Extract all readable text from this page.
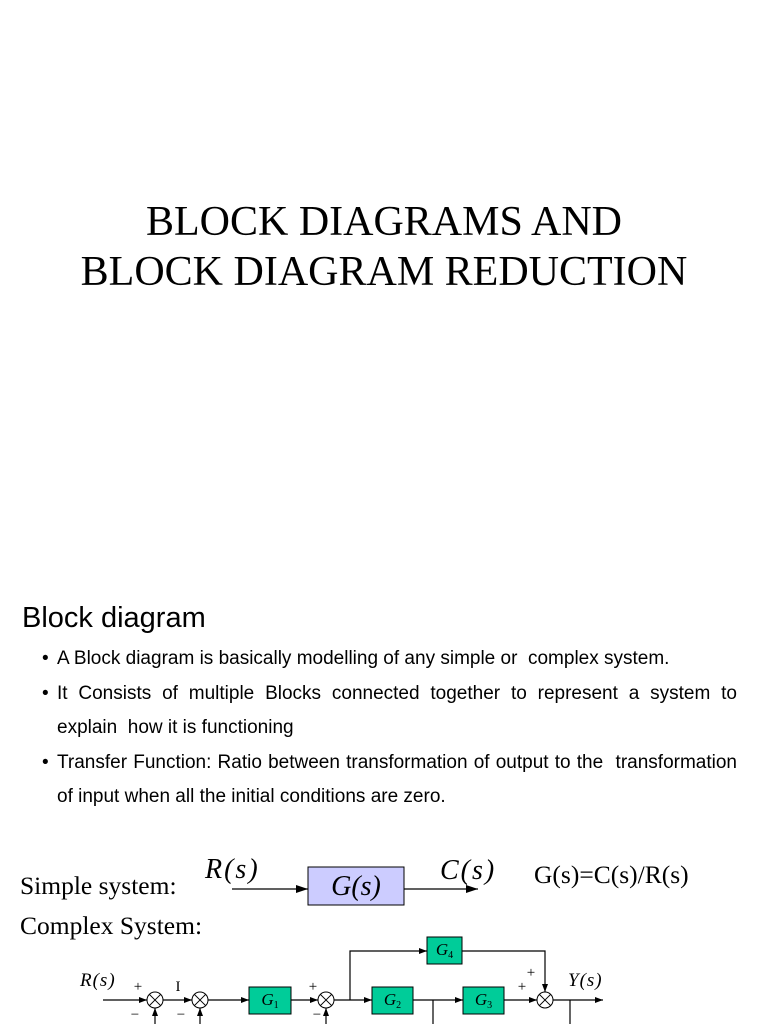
BLOCK DIAGRAMS AND
BLOCK DIAGRAM REDUCTION
Block diagram
• A Block diagram is basically modelling of any simple or  complex system.
• It Consists of multiple Blocks connected together to represent a system to
explain  how it is functioning
• Transfer Function: Ratio between transformation of output to the  transformation
of input when all the initial conditions are zero.
Simple system:	G(s)=C(s)/R(s)
Complex System:
R(s)
G(s)
C(s)
R(s) +
−
I
−
G1
+
−
G2	G3
G4
+
+ Y(s)
